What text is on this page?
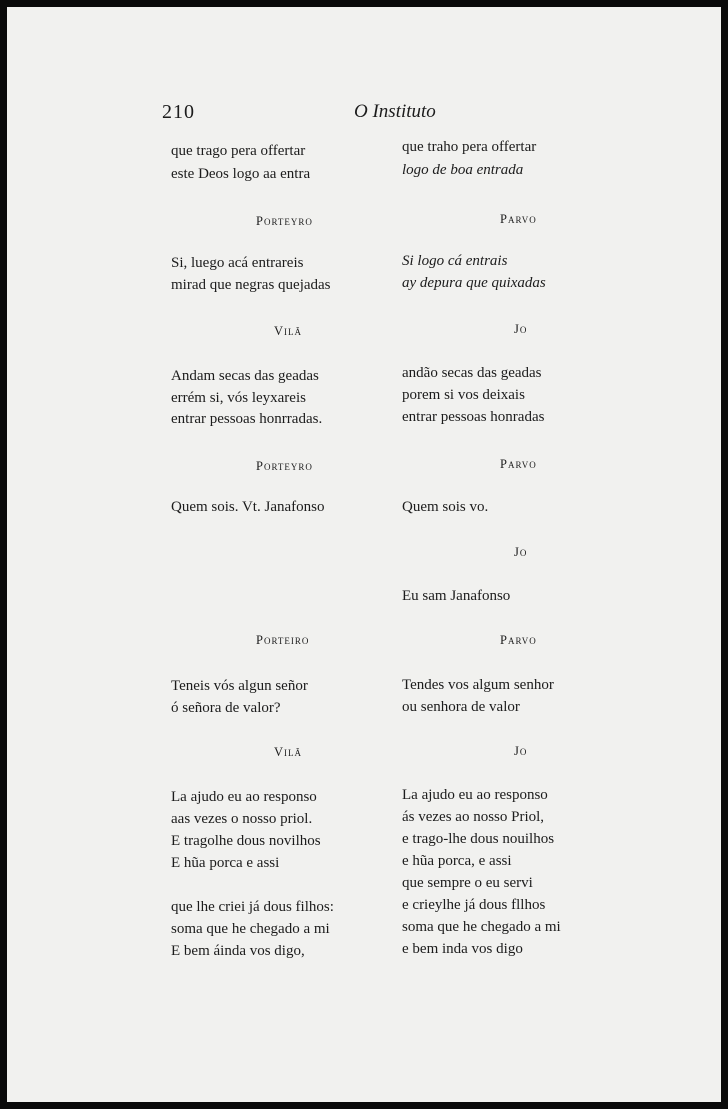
210	O Instituto
que trago pera offertar
este Deos logo aa entra
Porteyro
Si, luego acá entrareis
mirad que negras quejadas
Vilã
Andam secas das geadas
errém si, vós leyxareis
entrar pessoas honrradas.
Porteyro
Quem sois. Vt. Janafonso
Porteiro
Teneis vós algun señor
ó señora de valor?
Vilã
La ajudo eu ao responso
aas vezes o nosso priol.
E tragolhe dous novilhos
E hũa porca e assi
que lhe criei já dous filhos:
soma que he chegado a mi
E bem áinda vos digo,
que traho pera offertar
logo de boa entrada
Parvo
Si logo cá entrais
ay depura que quixadas
Jo
andão secas das geadas
porem si vos deixais
entrar pessoas honradas
Parvo
Quem sois vo.
Jo
Eu sam Janafonso
Parvo
Tendes vos algum senhor
ou senhora de valor
Jo
La ajudo eu ao responso
ás vezes ao nosso Priol,
e trago-lhe dous nouilhos
e hũa porca, e assi
que sempre o eu servi
e crieylhe já dous fllhos
soma que he chegado a mi
e bem inda vos digo
